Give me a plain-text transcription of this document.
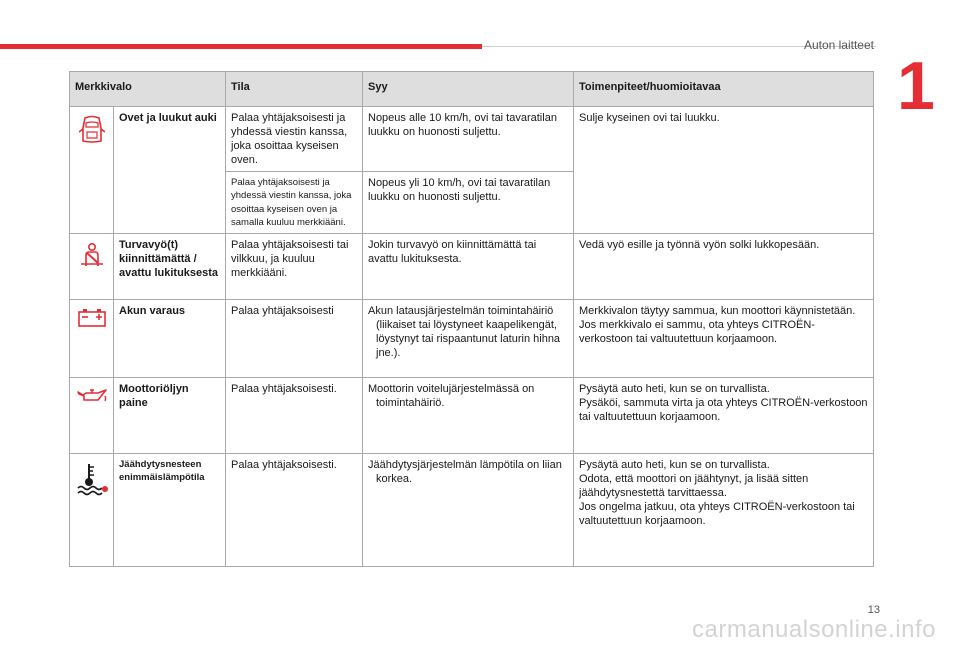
Auton laitteet
1
Merkkivalo		Tila	Syy	Toimenpiteet/huomioitavaa
	Ovet ja luukut auki	Palaa yhtäjaksoisesti ja yhdessä viestin kanssa, joka osoittaa kyseisen oven.	Nopeus alle 10 km/h, ovi tai tavaratilan luukku on huonosti suljettu.	Sulje kyseinen ovi tai luukku.
		Palaa yhtäjaksoisesti ja yhdessä viestin kanssa, joka osoittaa kyseisen oven ja samalla kuuluu merkkiääni.	Nopeus yli 10 km/h, ovi tai tavaratilan luukku on huonosti suljettu.	
	Turvavyö(t) kiinnittämättä / avattu lukituksesta	Palaa yhtäjaksoisesti tai vilkkuu, ja kuuluu merkkiääni.	Jokin turvavyö on kiinnittämättä tai avattu lukituksesta.	Vedä vyö esille ja työnnä vyön solki lukkopesään.
	Akun varaus	Palaa yhtäjaksoisesti	Akun latausjärjestelmän toimintahäiriö (liikaiset tai löystyneet kaapelikengät, löystynyt tai rispaantunut laturin hihna jne.).	Merkkivalon täytyy sammua, kun moottori käynnistetään.
Jos merkkivalo ei sammu, ota yhteys CITROËN-verkostoon tai valtuutettuun korjaamoon.

	Moottoriöljyn paine	Palaa yhtäjaksoisesti.	Moottorin voitelujärjestelmässä on toimintahäiriö.	Pysäytä auto heti, kun se on turvallista.
Pysäköi, sammuta virta ja ota yhteys CITROËN-verkostoon tai valtuutettuun korjaamoon.

	Jäähdytysnesteen enimmäislämpötila	Palaa yhtäjaksoisesti.	Jäähdytysjärjestelmän lämpötila on liian korkea.	Pysäytä auto heti, kun se on turvallista.
Odota, että moottori on jäähtynyt, ja lisää sitten jäähdytysnestettä tarvittaessa.
Jos ongelma jatkuu, ota yhteys CITROËN-verkostoon tai valtuutettuun korjaamoon.
13
carmanualsonline.info
